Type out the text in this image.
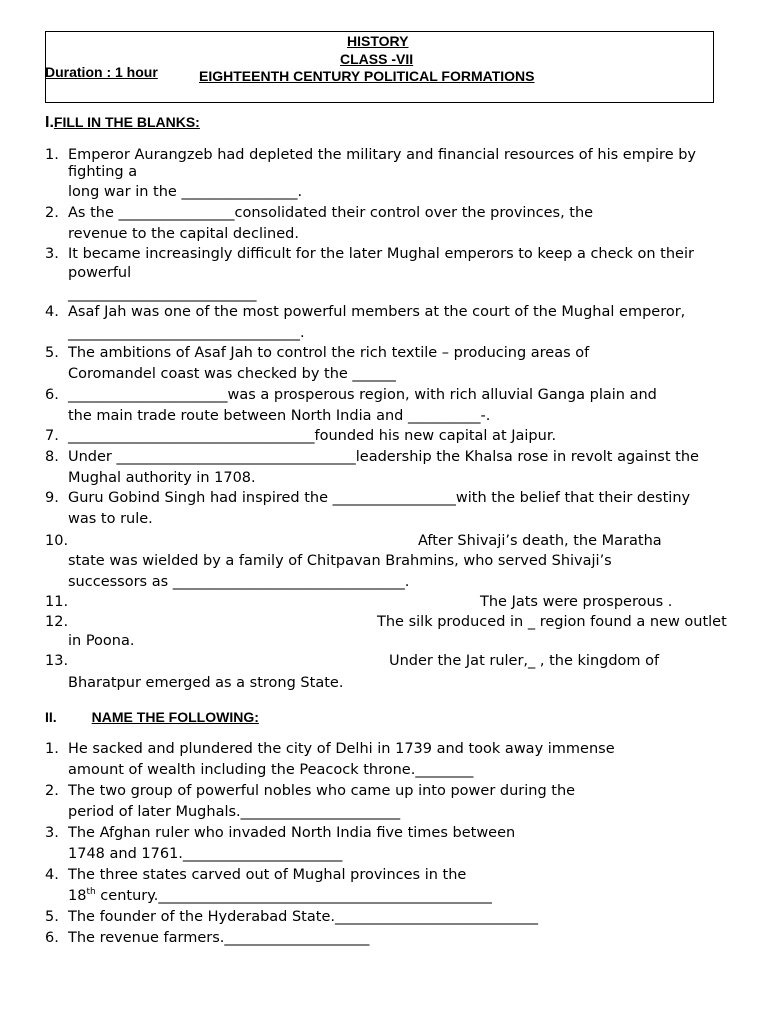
HISTORY
CLASS -VII
Duration : 1 hour	EIGHTEENTH CENTURY POLITICAL FORMATIONS
I.FILL IN THE BLANKS:
1. Emperor Aurangzeb had depleted the military and financial resources of his empire by
fighting a
long war in the ________________.
2. As the ________________consolidated their control over the provinces, the
revenue to the capital declined.
3. It became increasingly difficult for the later Mughal emperors to keep a check on their
powerful
__________________________
4. Asaf Jah was one of the most powerful members at the court of the Mughal emperor,
________________________________.
5. The ambitions of Asaf Jah to control the rich textile – producing areas of
Coromandel coast was checked by the ______
6. ______________________was a prosperous region, with rich alluvial Ganga plain and
the main trade route between North India and __________-.
7. __________________________________founded his new capital at Jaipur.
8. Under _________________________________leadership the Khalsa rose in revolt against the
Mughal authority in 1708.
9. Guru Gobind Singh had inspired the _________________with the belief that their destiny
was to rule.
10.	After Shivaji’s death, the Maratha
state was wielded by a family of Chitpavan Brahmins, who served Shivaji’s
successors as ________________________________.
11.	The Jats were prosperous .
12.	The silk produced in _ region found a new outlet
in Poona.
13.	Under the Jat ruler,_ , the kingdom of
Bharatpur emerged as a strong State.
II.	NAME THE FOLLOWING:
1. He sacked and plundered the city of Delhi in 1739 and took away immense
amount of wealth including the Peacock throne.________
2. The two group of powerful nobles who came up into power during the
period of later Mughals.______________________
3. The Afghan ruler who invaded North India five times between
1748 and 1761.______________________
4. The three states carved out of Mughal provinces in the
18th century.______________________________________________
5. The founder of the Hyderabad State.____________________________
6. The revenue farmers.____________________
